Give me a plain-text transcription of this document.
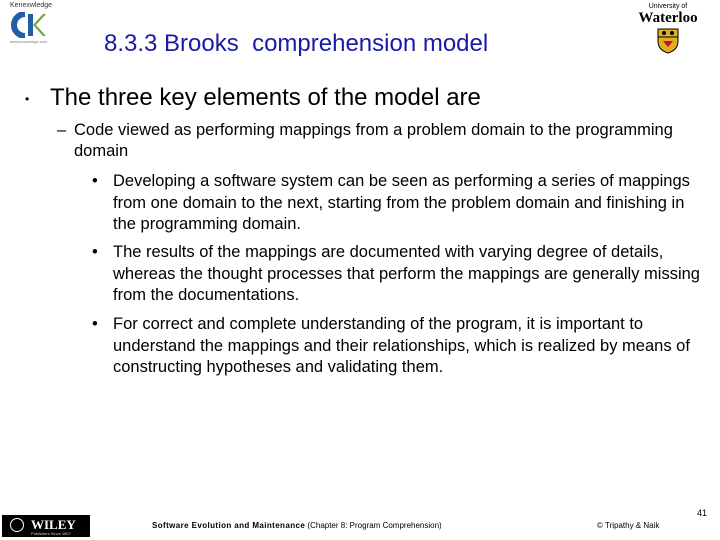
Kenexwledge
www.knowledge.com
University of
Waterloo
8.3.3 Brooks  comprehension model
• The three key elements of the model are
– Code viewed as performing mappings from a problem domain to the programming domain
• Developing a software system can be seen as performing a series of mappings from one domain to the next, starting from the problem domain and finishing in the programming domain.
• The results of the mappings are documented with varying degree of details, whereas the thought processes that perform the mappings are generally missing from the documentations.
• For correct and complete understanding of the program, it is important to understand the mappings and their relationships, which is realized by means of constructing hypotheses and validating them.
41
WILEY
Publishers Since 1807
Software Evolution and Maintenance (Chapter 8: Program Comprehension)	© Tripathy & Naik
